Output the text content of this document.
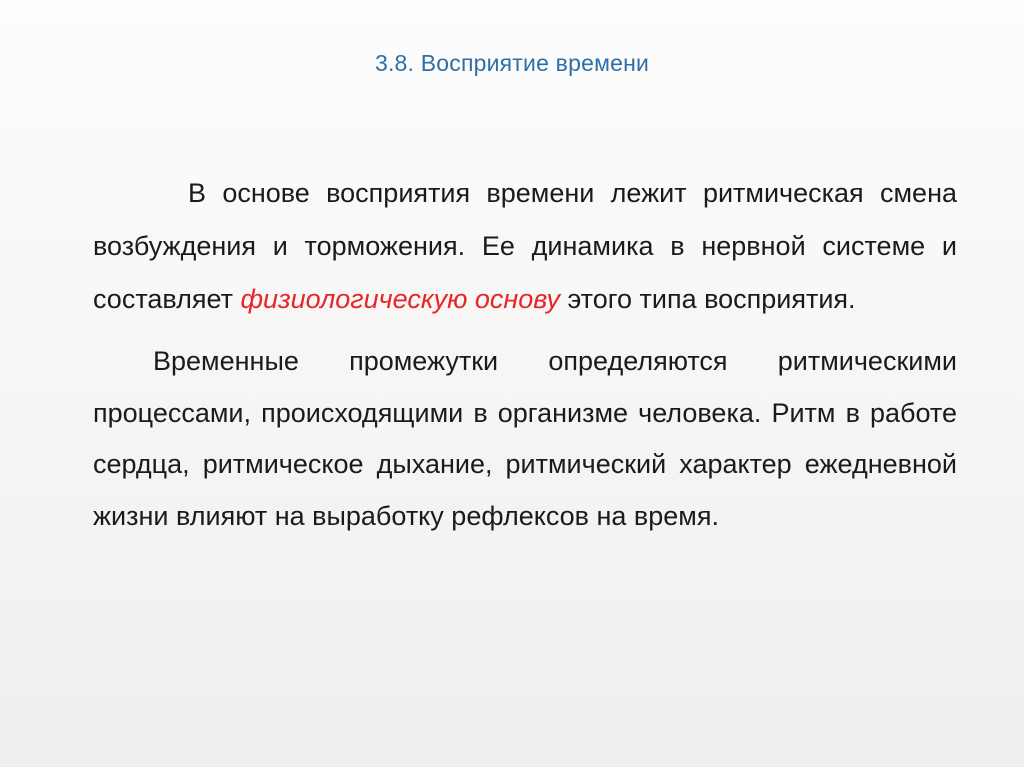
3.8. Восприятие времени

В основе восприятия времени лежит ритмическая смена возбуждения и торможения. Ее динамика в нервной системе и составляет физиологическую основу этого типа восприятия.

Временные промежутки определяются ритмическими процессами, происходящими в организме человека. Ритм в работе сердца, ритмическое дыхание, ритмический характер ежедневной жизни влияют на выработку рефлексов на время.
